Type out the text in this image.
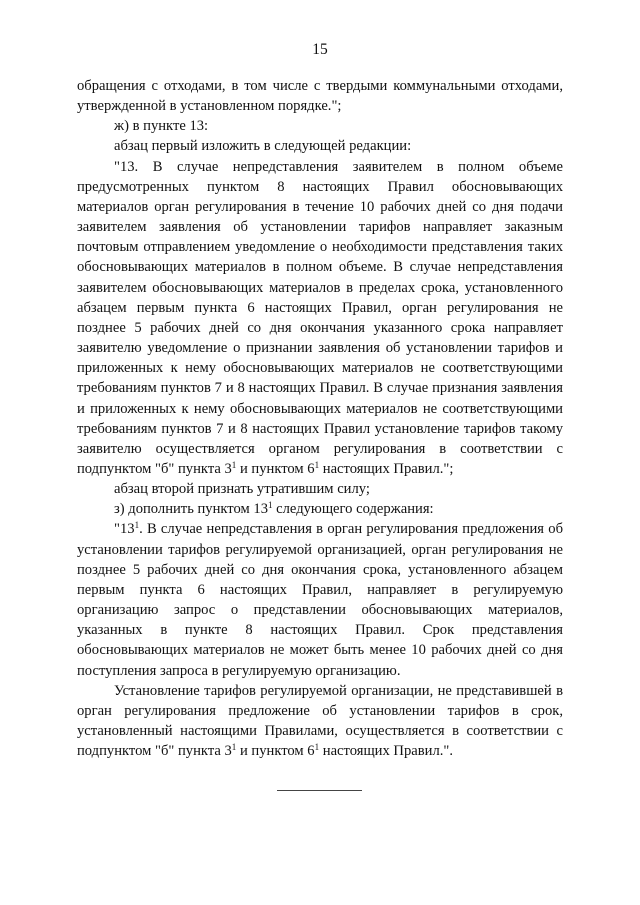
15

обращения с отходами, в том числе с твердыми коммунальными отходами, утвержденной в установленном порядке.";

ж) в пункте 13:

абзац первый изложить в следующей редакции:

"13. В случае непредставления заявителем в полном объеме предусмотренных пунктом 8 настоящих Правил обосновывающих материалов орган регулирования в течение 10 рабочих дней со дня подачи заявителем заявления об установлении тарифов направляет заказным почтовым отправлением уведомление о необходимости представления таких обосновывающих материалов в полном объеме. В случае непредставления заявителем обосновывающих материалов в пределах срока, установленного абзацем первым пункта 6 настоящих Правил, орган регулирования не позднее 5 рабочих дней со дня окончания указанного срока направляет заявителю уведомление о признании заявления об установлении тарифов и приложенных к нему обосновывающих материалов не соответствующими требованиям пунктов 7 и 8 настоящих Правил. В случае признания заявления и приложенных к нему обосновывающих материалов не соответствующими требованиям пунктов 7 и 8 настоящих Правил установление тарифов такому заявителю осуществляется органом регулирования в соответствии с подпунктом "б" пункта $3^1$ и пунктом $6^1$ настоящих Правил.";

абзац второй признать утратившим силу;

з) дополнить пунктом $13^1$ следующего содержания:

"$13^1$. В случае непредставления в орган регулирования предложения об установлении тарифов регулируемой организацией, орган регулирования не позднее 5 рабочих дней со дня окончания срока, установленного абзацем первым пункта 6 настоящих Правил, направляет в регулируемую организацию запрос о представлении обосновывающих материалов, указанных в пункте 8 настоящих Правил. Срок представления обосновывающих материалов не может быть менее 10 рабочих дней со дня поступления запроса в регулируемую организацию.

Установление тарифов регулируемой организации, не представившей в орган регулирования предложение об установлении тарифов в срок, установленный настоящими Правилами, осуществляется в соответствии с подпунктом "б" пункта $3^1$ и пунктом $6^1$ настоящих Правил.".
